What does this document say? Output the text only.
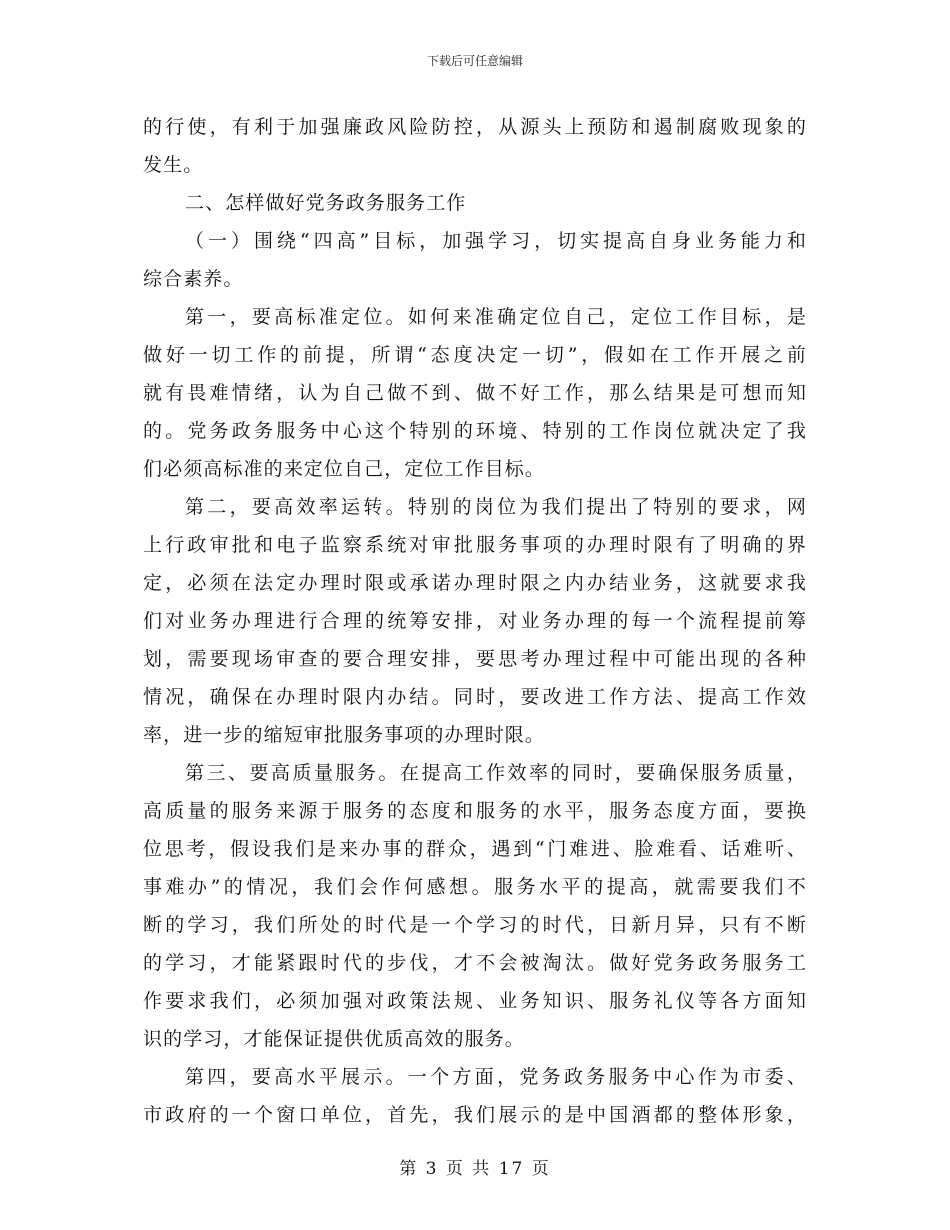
下载后可任意编辑
的行使，有利于加强廉政风险防控，从源头上预防和遏制腐败现象的
发生。
二、怎样做好党务政务服务工作
（一）围绕“四高”目标，加强学习，切实提高自身业务能力和
综合素养。
第一，要高标准定位。如何来准确定位自己，定位工作目标，是
做好一切工作的前提，所谓“态度决定一切”，假如在工作开展之前
就有畏难情绪，认为自己做不到、做不好工作，那么结果是可想而知
的。党务政务服务中心这个特别的环境、特别的工作岗位就决定了我
们必须高标准的来定位自己，定位工作目标。
第二，要高效率运转。特别的岗位为我们提出了特别的要求，网
上行政审批和电子监察系统对审批服务事项的办理时限有了明确的界
定，必须在法定办理时限或承诺办理时限之内办结业务，这就要求我
们对业务办理进行合理的统筹安排，对业务办理的每一个流程提前筹
划，需要现场审查的要合理安排，要思考办理过程中可能出现的各种
情况，确保在办理时限内办结。同时，要改进工作方法、提高工作效
率，进一步的缩短审批服务事项的办理时限。
第三、要高质量服务。在提高工作效率的同时，要确保服务质量，
高质量的服务来源于服务的态度和服务的水平，服务态度方面，要换
位思考，假设我们是来办事的群众，遇到“门难进、脸难看、话难听、
事难办”的情况，我们会作何感想。服务水平的提高，就需要我们不
断的学习，我们所处的时代是一个学习的时代，日新月异，只有不断
的学习，才能紧跟时代的步伐，才不会被淘汰。做好党务政务服务工
作要求我们，必须加强对政策法规、业务知识、服务礼仪等各方面知
识的学习，才能保证提供优质高效的服务。
第四，要高水平展示。一个方面，党务政务服务中心作为市委、
市政府的一个窗口单位，首先，我们展示的是中国酒都的整体形象，
第 3 页 共 17 页
